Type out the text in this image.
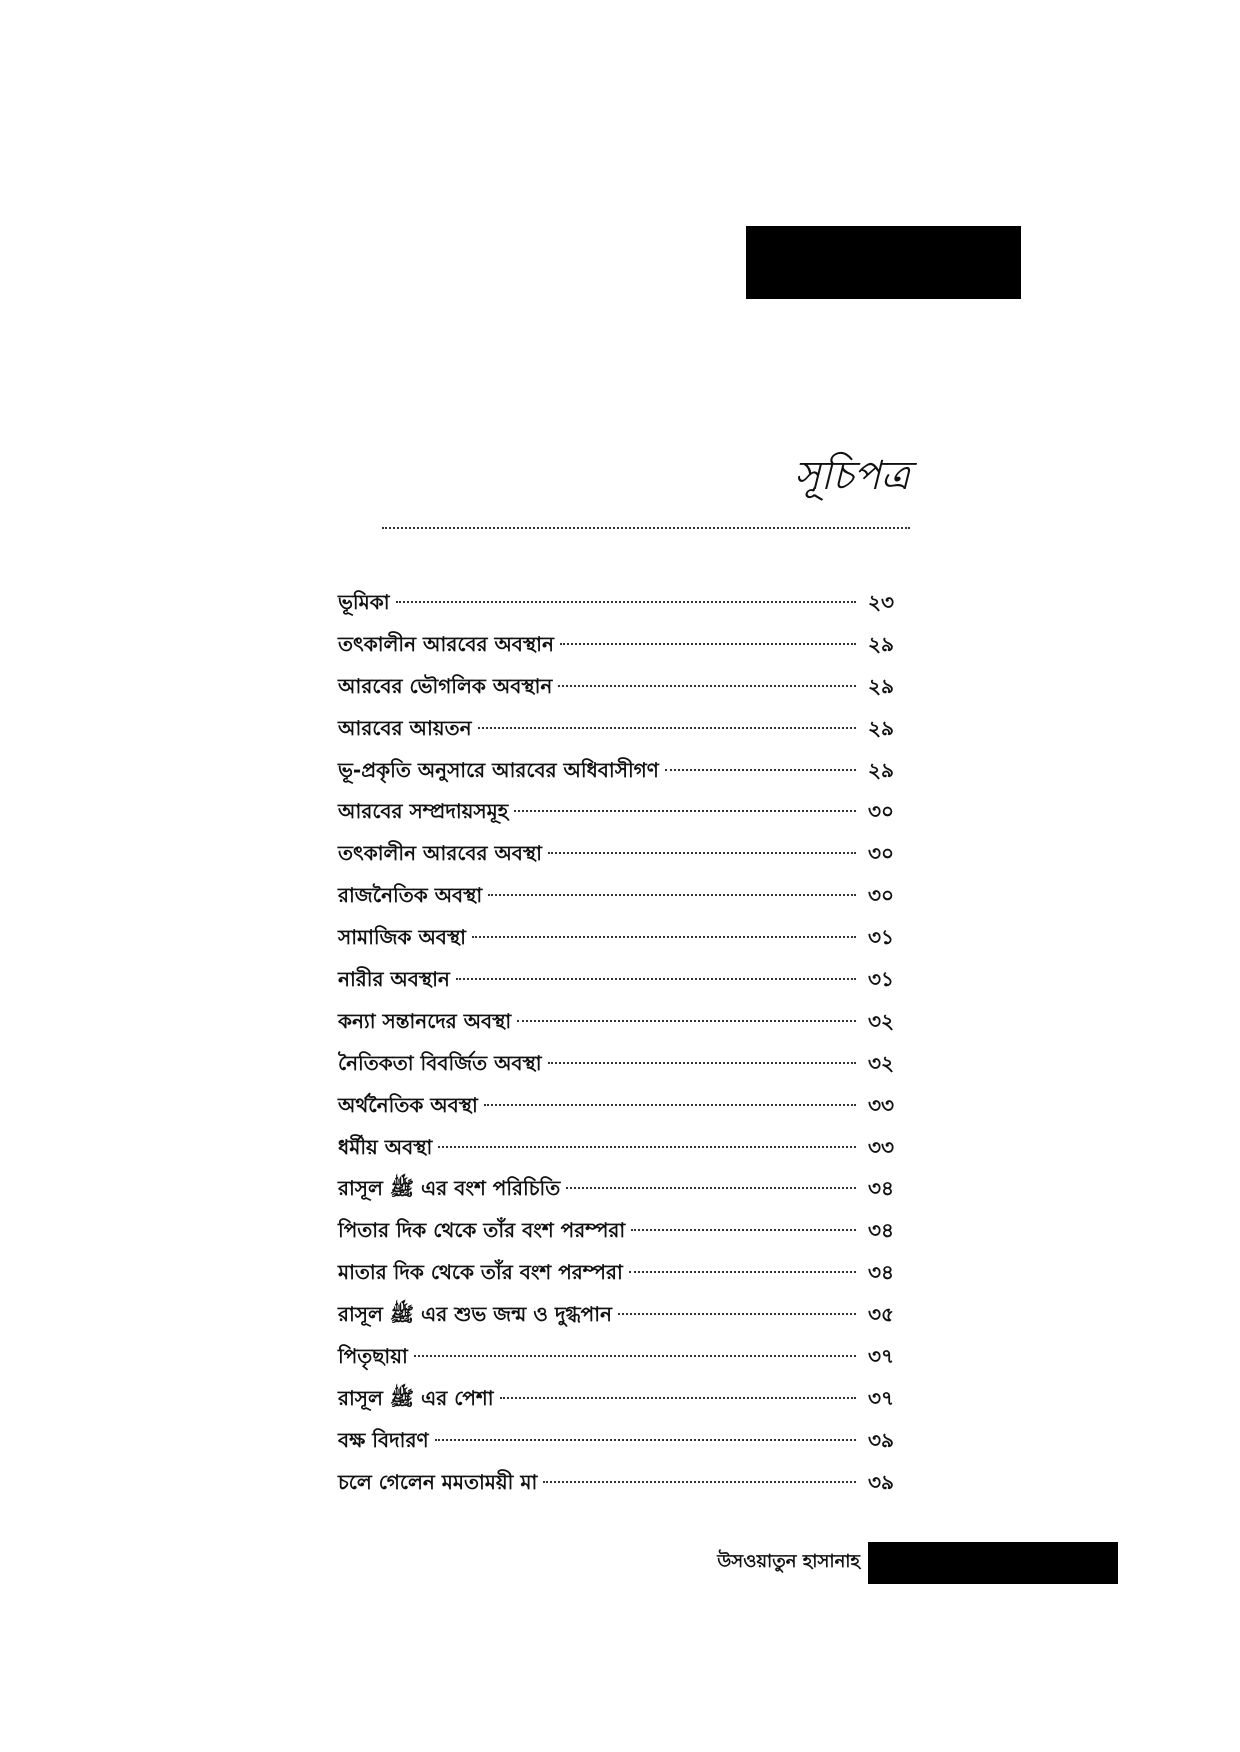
সূচিপত্র
ভূমিকা	২৩
তৎকালীন আরবের অবস্থান	২৯
আরবের ভৌগলিক অবস্থান	২৯
আরবের আয়তন	২৯
ভূ-প্রকৃতি অনুসারে আরবের অধিবাসীগণ	২৯
আরবের সম্প্রদায়সমূহ	৩০
তৎকালীন আরবের অবস্থা	৩০
রাজনৈতিক অবস্থা	৩০
সামাজিক অবস্থা	৩১
নারীর অবস্থান	৩১
কন্যা সন্তানদের অবস্থা	৩২
নৈতিকতা বিবর্জিত অবস্থা	৩২
অর্থনৈতিক অবস্থা	৩৩
ধর্মীয় অবস্থা	৩৩
রাসূল ﷺ এর বংশ পরিচিতি	৩৪
পিতার দিক থেকে তাঁর বংশ পরম্পরা	৩৪
মাতার দিক থেকে তাঁর বংশ পরম্পরা	৩৪
রাসূল ﷺ এর শুভ জন্ম ও দুগ্ধপান	৩৫
পিতৃছায়া	৩৭
রাসূল ﷺ এর পেশা	৩৭
বক্ষ বিদারণ	৩৯
চলে গেলেন মমতাময়ী মা	৩৯
উসওয়াতুন হাসানাহ
